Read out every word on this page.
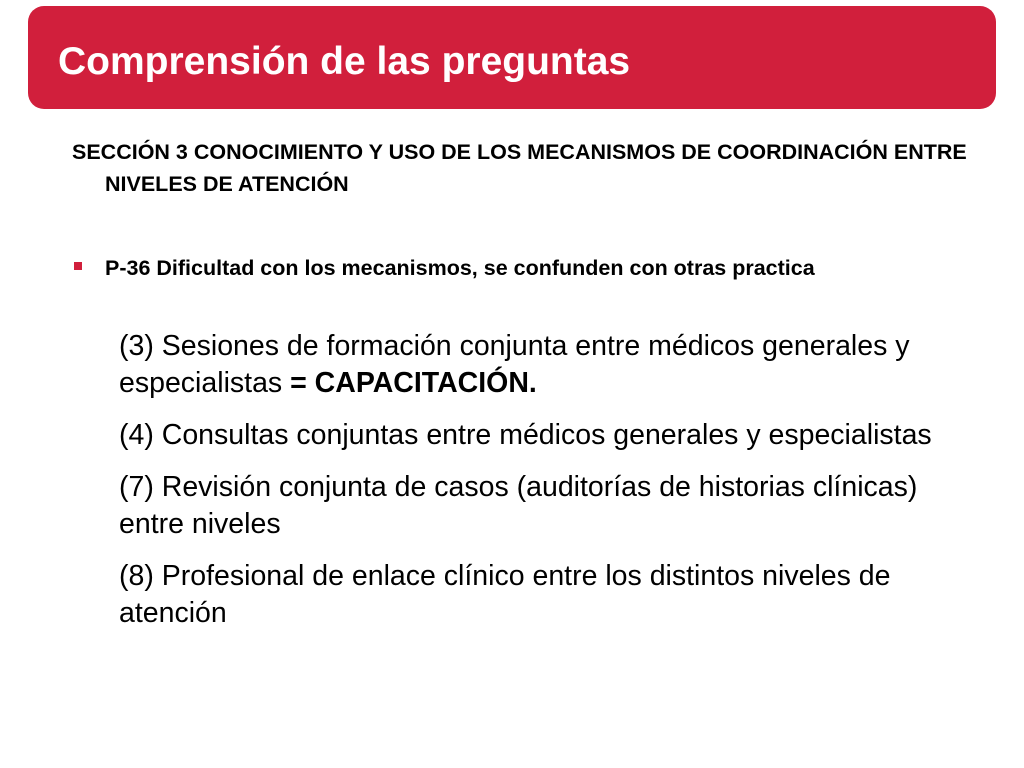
Comprensión de las preguntas

SECCIÓN 3 CONOCIMIENTO Y USO DE LOS MECANISMOS DE COORDINACIÓN ENTRE NIVELES DE ATENCIÓN

P-36 Dificultad con los mecanismos, se confunden con otras practica

(3) Sesiones de formación conjunta entre médicos generales y especialistas = CAPACITACIÓN.
(4) Consultas conjuntas entre médicos generales y especialistas
(7) Revisión conjunta de casos (auditorías de historias clínicas) entre niveles
(8) Profesional de enlace clínico entre los distintos niveles de atención
